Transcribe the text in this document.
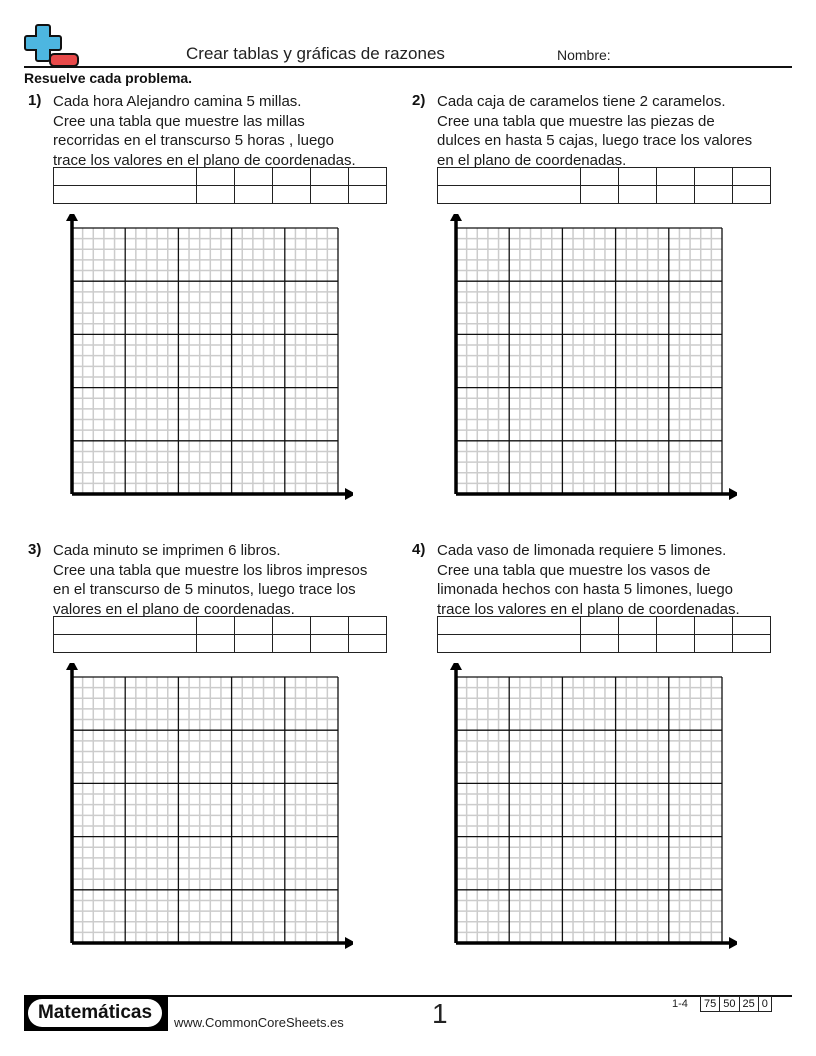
Crear tablas y gráficas de razones	Nombre:
Resuelve cada problema.
1) Cada hora Alejandro camina 5 millas.
Cree una tabla que muestre las millas
recorridas en el transcurso 5 horas , luego
trace los valores en el plano de coordenadas.

2) Cada caja de caramelos tiene 2 caramelos.
Cree una tabla que muestre las piezas de
dulces en hasta 5 cajas, luego trace los valores
en el plano de coordenadas.

3) Cada minuto se imprimen 6 libros.
Cree una tabla que muestre los libros impresos
en el transcurso de 5 minutos, luego trace los
valores en el plano de coordenadas.

4) Cada vaso de limonada requiere 5 limones.
Cree una tabla que muestre los vasos de
limonada hechos con hasta 5 limones, luego
trace los valores en el plano de coordenadas.

Matemáticas	www.CommonCoreSheets.es	1	1-4 75	50	25	0
